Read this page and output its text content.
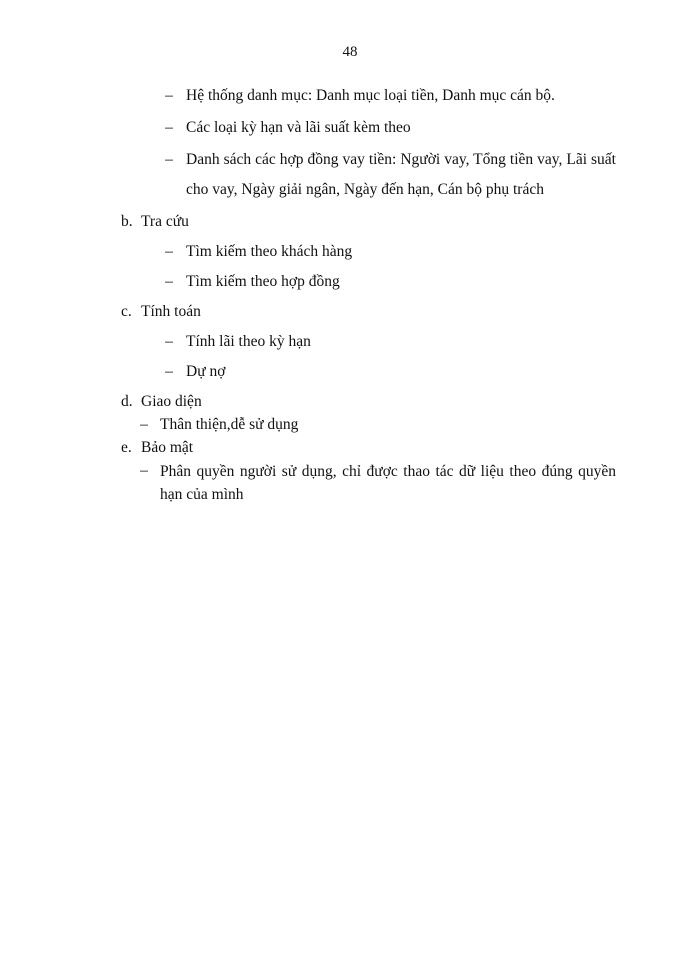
48
– Hệ thống danh mục: Danh mục loại tiền, Danh mục cán bộ.
– Các loại kỳ hạn và lãi suất kèm theo
– Danh sách các hợp đồng vay tiền: Người vay, Tổng tiền vay, Lãi suất cho vay, Ngày giải ngân, Ngày đến hạn, Cán bộ phụ trách
b. Tra cứu
– Tìm kiếm theo khách hàng
– Tìm kiếm theo hợp đồng
c. Tính toán
– Tính lãi theo kỳ hạn
– Dự nợ
d. Giao diện
– Thân thiện,dễ sử dụng
e. Bảo mật
– Phân quyền người sử dụng, chỉ được thao tác dữ liệu theo đúng quyền hạn của mình
